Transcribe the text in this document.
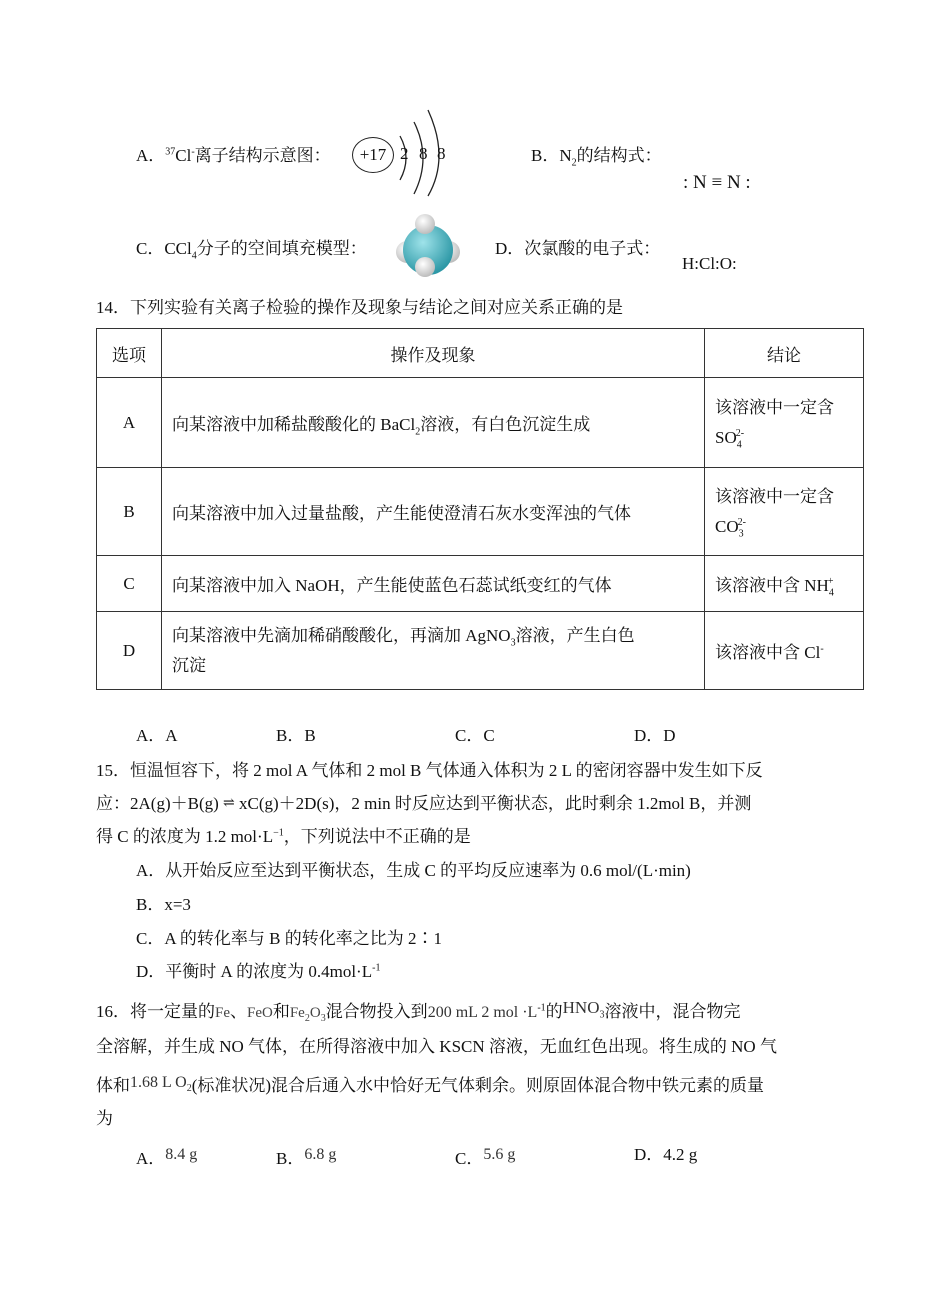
A．$^{37}$Cl-离子结构示意图：	+17 2 8 8	B．$N_2$的结构式：
: N ≡ N :
C．CCl$_4$分子的空间填充模型：	D．次氯酸的电子式：
H:Cl:O:
14．下列实验有关离子检验的操作及现象与结论之间对应关系正确的是
选项	操作及现象	结论
A	向某溶液中加稀盐酸酸化的 BaCl$_2$溶液，有白色沉淀生成	该溶液中一定含
$SO_4^{2-}$
B	向某溶液中加入过量盐酸，产生能使澄清石灰水变浑浊的气体	该溶液中一定含
$CO_3^{2-}$
C	向某溶液中加入 NaOH，产生能使蓝色石蕊试纸变红的气体	该溶液中含 $NH_4^+$
D	向某溶液中先滴加稀硝酸酸化，再滴加 AgNO$_3$溶液，产生白色
沉淀	该溶液中含 Cl-
A．A	B．B	C．C	D．D
15．恒温恒容下，将 2 mol A 气体和 2 mol B 气体通入体积为 2 L 的密闭容器中发生如下反
应：2A(g)＋B(g) ⇌ xC(g)＋2D(s)，2 min 时反应达到平衡状态，此时剩余 1.2mol B，并测
得 C 的浓度为 1.2 $mol\cdot L^{-1}$，下列说法中不正确的是
A．从开始反应至达到平衡状态，生成 C 的平均反应速率为 0.6 mol/(L·min)
B．x=3
C．A 的转化率与 B 的转化率之比为 2∶1
D．平衡时 A 的浓度为 $0.4mol\cdot L^{-1}$
16．将一定量的Fe、FeO和$Fe_2O_3$混合物投入到200 mL 2 mol $\cdot L^{-1}$的$HNO_3$溶液中，混合物完
全溶解，并生成 NO 气体，在所得溶液中加入 KSCN 溶液，无血红色出现。将生成的 NO 气
体和1.68 L $O_2$(标准状况)混合后通入水中恰好无气体剩余。则原固体混合物中铁元素的质量
为
A．8.4 g	B．6.8 g	C．5.6 g	D．4.2 g
